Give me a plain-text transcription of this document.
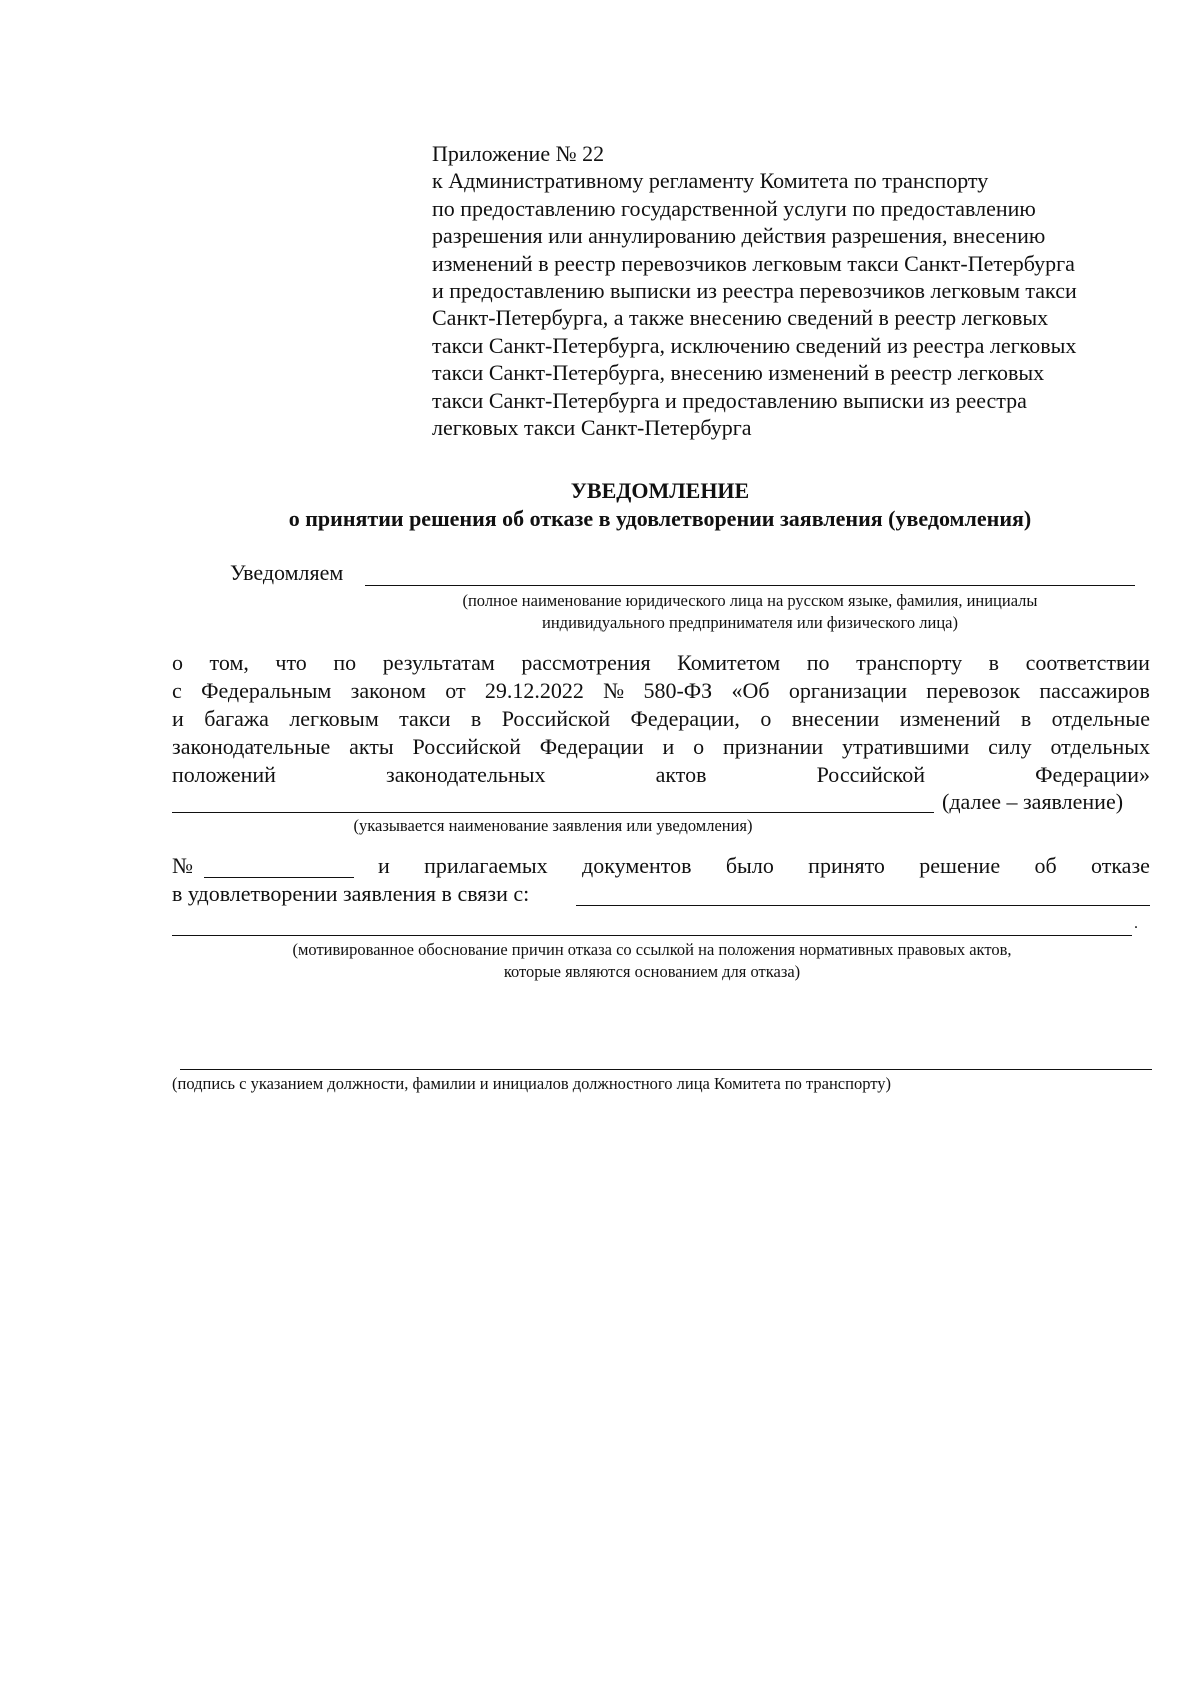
Приложение № 22
к Административному регламенту Комитета по транспорту
по предоставлению государственной услуги по предоставлению
разрешения или аннулированию действия разрешения, внесению
изменений в реестр перевозчиков легковым такси Санкт-Петербурга
и предоставлению выписки из реестра перевозчиков легковым такси
Санкт-Петербурга, а также внесению сведений в реестр легковых
такси Санкт-Петербурга, исключению сведений из реестра легковых
такси Санкт-Петербурга, внесению изменений в реестр легковых
такси Санкт-Петербурга и предоставлению выписки из реестра
легковых такси Санкт-Петербурга
УВЕДОМЛЕНИЕ
о принятии решения об отказе в удовлетворении заявления (уведомления)
Уведомляем
(полное наименование юридического лица на русском языке, фамилия, инициалы
индивидуального предпринимателя или физического лица)
о том, что по результатам рассмотрения Комитетом по транспорту в соответствии
с Федеральным законом от 29.12.2022 № 580-ФЗ «Об организации перевозок пассажиров
и багажа легковым такси в Российской Федерации, о внесении изменений в отдельные
законодательные акты Российской Федерации и о признании утратившими силу отдельных
положений	законодательных	актов	Российской	Федерации»
(далее – заявление)
(указывается наименование заявления или уведомления)
№	и прилагаемых документов было принято решение об отказе
в удовлетворении заявления в связи с:
.
(мотивированное обоснование причин отказа со ссылкой на положения нормативных правовых актов,
которые являются основанием для отказа)
(подпись с указанием должности, фамилии и инициалов должностного лица Комитета по транспорту)
